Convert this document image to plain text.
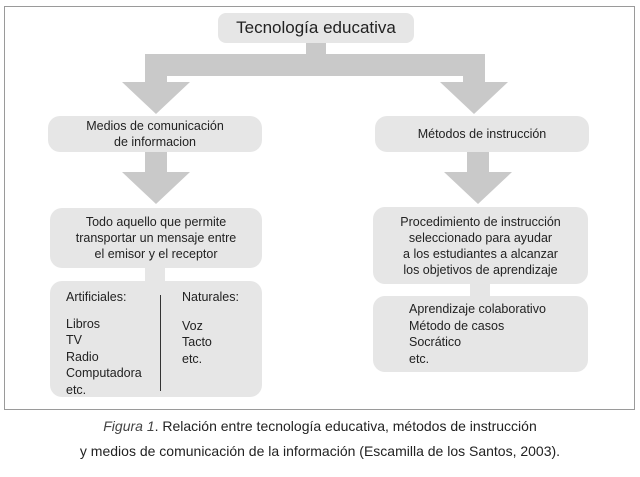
Tecnología educativa
Medios de comunicación
de informacion
Todo aquello que permite
transportar un mensaje entre
el emisor y el receptor
Artificiales:
Libros
TV
Radio
Computadora
etc.
Naturales:
Voz
Tacto
etc.
Métodos de instrucción
Procedimiento de instrucción
seleccionado para ayudar
a los estudiantes a alcanzar
los objetivos de aprendizaje
Aprendizaje colaborativo
Método de casos
Socrático
etc.
Figura 1. Relación entre tecnología educativa, métodos de instrucción
y medios de comunicación de la información (Escamilla de los Santos, 2003).
